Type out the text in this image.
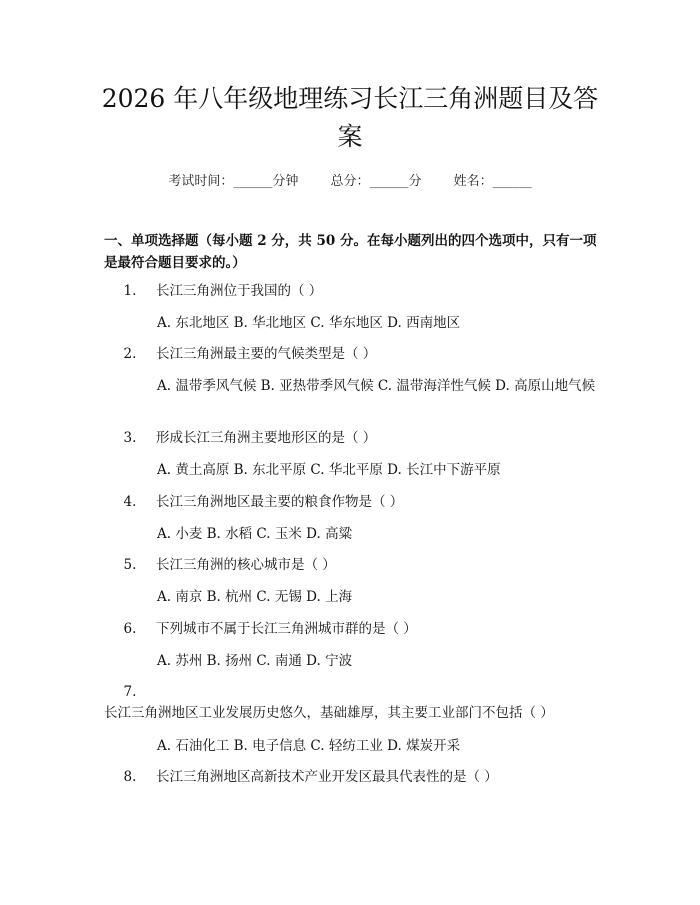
2026 年八年级地理练习长江三角洲题目及答案
考试时间：______分钟 总分：______分 姓名：______
一、单项选择题（每小题 2 分，共 50 分。在每小题列出的四个选项中，只有一项是最符合题目要求的。）
1. 长江三角洲位于我国的（ ）
A. 东北地区 B. 华北地区 C. 华东地区 D. 西南地区
2. 长江三角洲最主要的气候类型是（ ）
A. 温带季风气候 B. 亚热带季风气候 C. 温带海洋性气候 D. 高原山地气候
3. 形成长江三角洲主要地形区的是（ ）
A. 黄土高原 B. 东北平原 C. 华北平原 D. 长江中下游平原
4. 长江三角洲地区最主要的粮食作物是（ ）
A. 小麦 B. 水稻 C. 玉米 D. 高粱
5. 长江三角洲的核心城市是（ ）
A. 南京 B. 杭州 C. 无锡 D. 上海
6. 下列城市不属于长江三角洲城市群的是（ ）
A. 苏州 B. 扬州 C. 南通 D. 宁波
7.长江三角洲地区工业发展历史悠久，基础雄厚，其主要工业部门不包括（ ）
A. 石油化工 B. 电子信息 C. 轻纺工业 D. 煤炭开采
8. 长江三角洲地区高新技术产业开发区最具代表性的是（ ）
